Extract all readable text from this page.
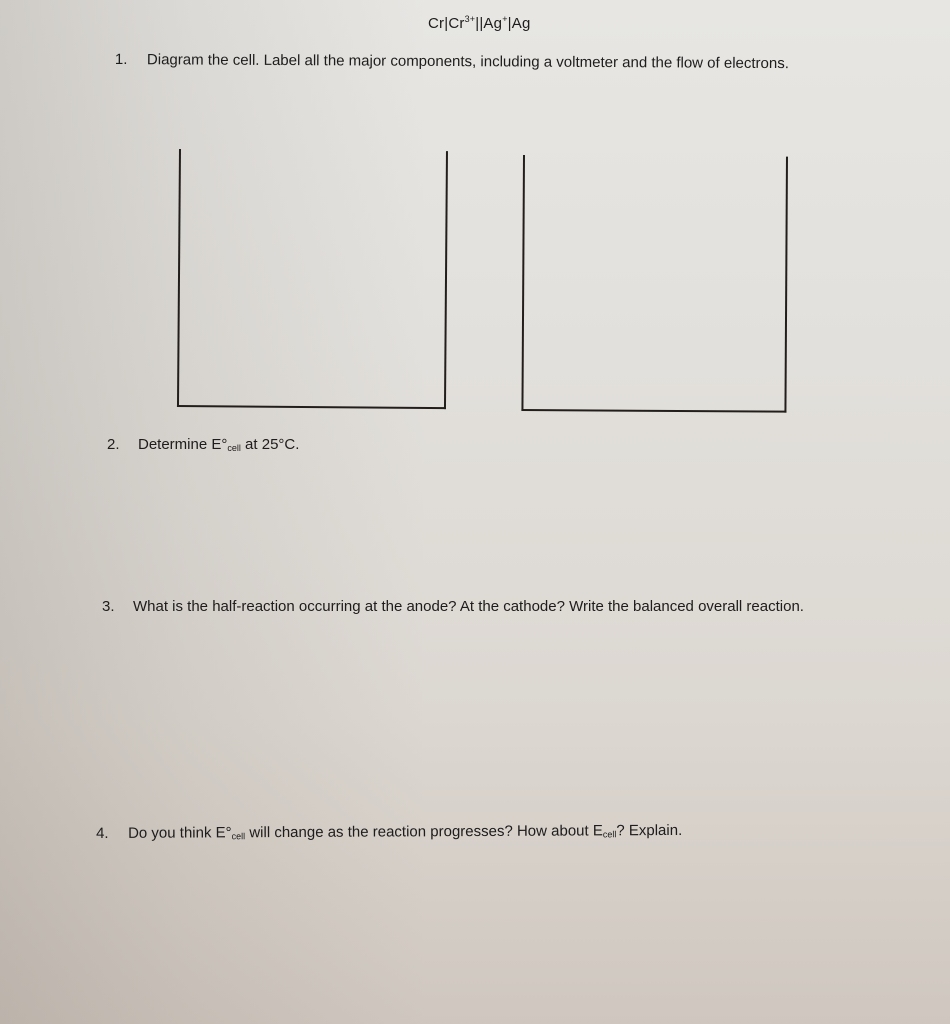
$Cr|Cr^{3+}||Ag^+|Ag$
1. Diagram the cell. Label all the major components, including a voltmeter and the flow of electrons.
2. Determine $E^\circ_{cell}$ at 25°C.
3. What is the half-reaction occurring at the anode? At the cathode? Write the balanced overall reaction.
4. Do you think $E^\circ_{cell}$ will change as the reaction progresses? How about $E_{cell}$? Explain.
